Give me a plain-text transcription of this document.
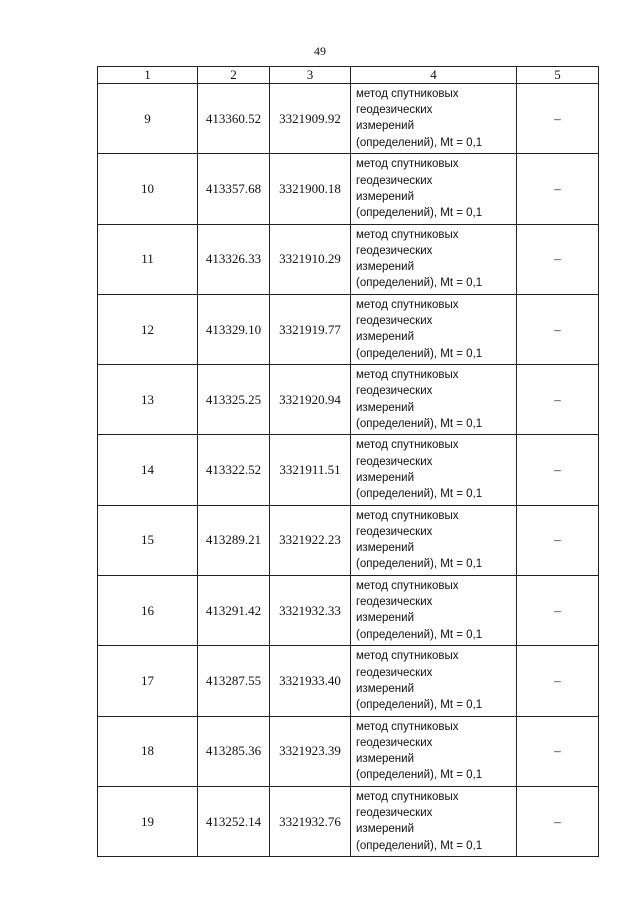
49
1	2	3	4	5
9	413360.52	3321909.92	метод спутниковых
геодезических
измерений
(определений), Mt = 0,1	–
10	413357.68	3321900.18	метод спутниковых
геодезических
измерений
(определений), Mt = 0,1	–
11	413326.33	3321910.29	метод спутниковых
геодезических
измерений
(определений), Mt = 0,1	–
12	413329.10	3321919.77	метод спутниковых
геодезических
измерений
(определений), Mt = 0,1	–
13	413325.25	3321920.94	метод спутниковых
геодезических
измерений
(определений), Mt = 0,1	–
14	413322.52	3321911.51	метод спутниковых
геодезических
измерений
(определений), Mt = 0,1	–
15	413289.21	3321922.23	метод спутниковых
геодезических
измерений
(определений), Mt = 0,1	–
16	413291.42	3321932.33	метод спутниковых
геодезических
измерений
(определений), Mt = 0,1	–
17	413287.55	3321933.40	метод спутниковых
геодезических
измерений
(определений), Mt = 0,1	–
18	413285.36	3321923.39	метод спутниковых
геодезических
измерений
(определений), Mt = 0,1	–
19	413252.14	3321932.76	метод спутниковых
геодезических
измерений
(определений), Mt = 0,1	–
